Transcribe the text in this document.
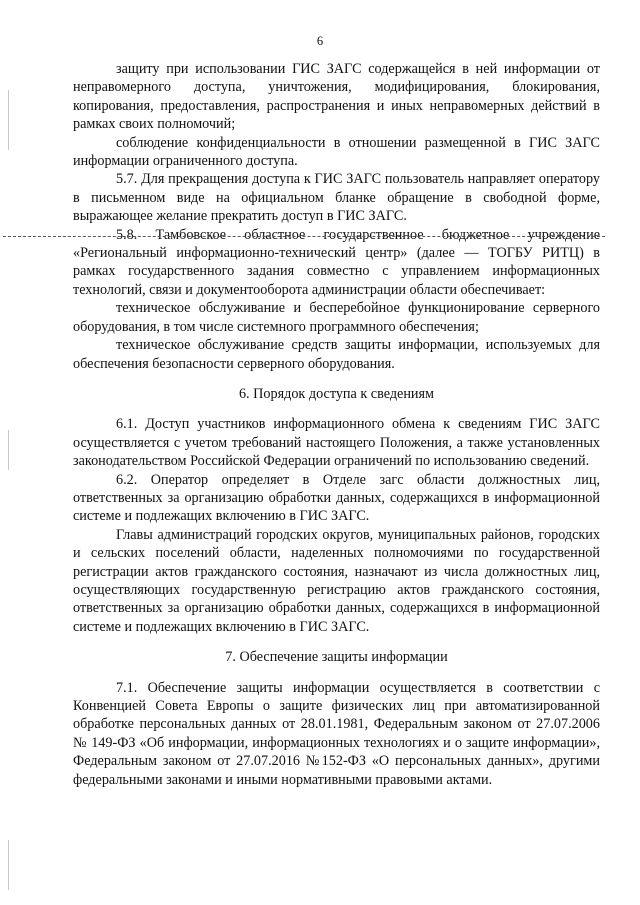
6

защиту при использовании ГИС ЗАГС содержащейся в ней информации от неправомерного доступа, уничтожения, модифицирования, блокирования, копирования, предоставления, распространения и иных неправомерных действий в рамках своих полномочий;

соблюдение конфиденциальности в отношении размещенной в ГИС ЗАГС информации ограниченного доступа.

5.7. Для прекращения доступа к ГИС ЗАГС пользователь направляет оператору в письменном виде на официальном бланке обращение в свободной форме, выражающее желание прекратить доступ в ГИС ЗАГС.

5.8. Тамбовское областное государственное бюджетное учреждение «Региональный информационно-технический центр» (далее — ТОГБУ РИТЦ) в рамках государственного задания совместно с управлением информационных технологий, связи и документооборота администрации области обеспечивает:

техническое обслуживание и бесперебойное функционирование серверного оборудования, в том числе системного программного обеспечения;

техническое обслуживание средств защиты информации, используемых для обеспечения безопасности серверного оборудования.

6. Порядок доступа к сведениям

6.1. Доступ участников информационного обмена к сведениям ГИС ЗАГС осуществляется с учетом требований настоящего Положения, а также установленных законодательством Российской Федерации ограничений по использованию сведений.

6.2. Оператор определяет в Отделе загс области должностных лиц, ответственных за организацию обработки данных, содержащихся в информационной системе и подлежащих включению в ГИС ЗАГС.

Главы администраций городских округов, муниципальных районов, городских и сельских поселений области, наделенных полномочиями по государственной регистрации актов гражданского состояния, назначают из числа должностных лиц, осуществляющих государственную регистрацию актов гражданского состояния, ответственных за организацию обработки данных, содержащихся в информационной системе и подлежащих включению в ГИС ЗАГС.

7. Обеспечение защиты информации

7.1. Обеспечение защиты информации осуществляется в соответствии с Конвенцией Совета Европы о защите физических лиц при автоматизированной обработке персональных данных от 28.01.1981, Федеральным законом от 27.07.2006 № 149-ФЗ «Об информации, информационных технологиях и о защите информации», Федеральным законом от 27.07.2016 №152-ФЗ «О персональных данных», другими федеральными законами и иными нормативными правовыми актами.
